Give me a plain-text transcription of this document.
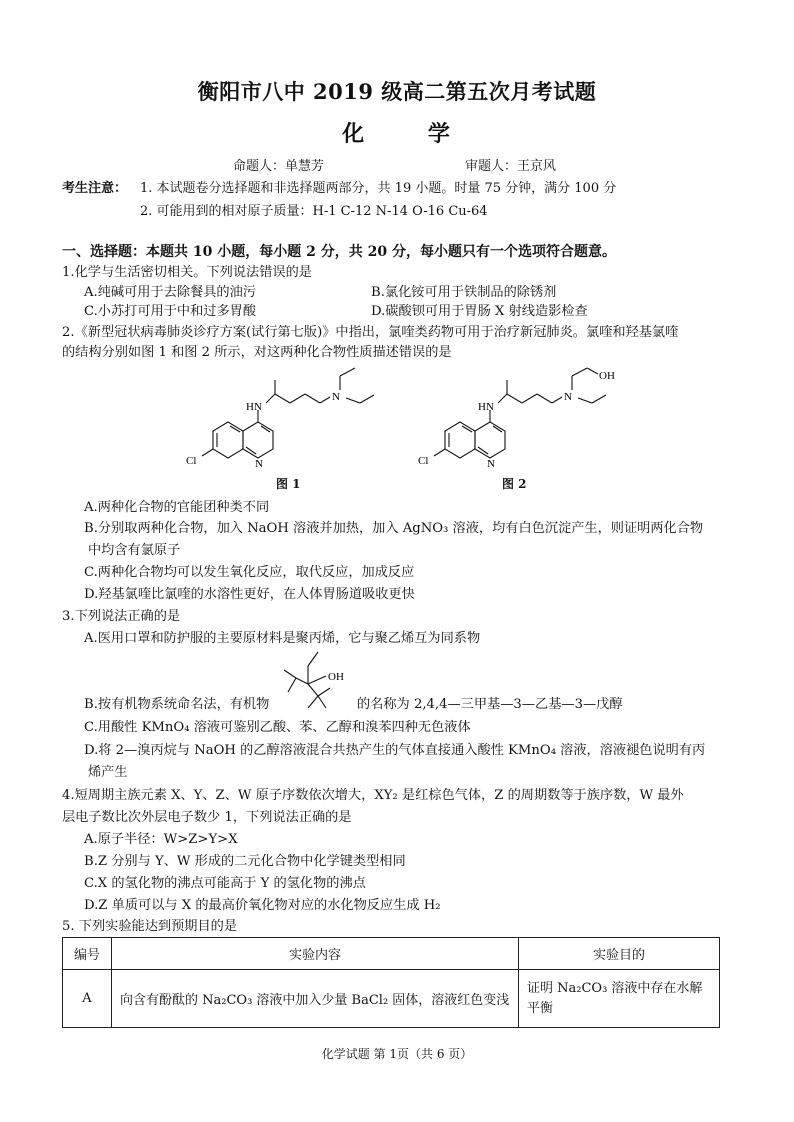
衡阳市八中 2019 级高二第五次月考试题
化 学
命题人：单慧芳	审题人：王京风
考生注意： 1. 本试题卷分选择题和非选择题两部分，共 19 小题。时量 75 分钟，满分 100 分
2. 可能用到的相对原子质量：H-1 C-12 N-14 O-16 Cu-64
一、选择题：本题共 10 小题，每小题 2 分，共 20 分，每小题只有一个选项符合题意。
1.化学与生活密切相关。下列说法错误的是
A.纯碱可用于去除餐具的油污	B.氯化铵可用于铁制品的除锈剂
C.小苏打可用于中和过多胃酸	D.碳酸钡可用于胃肠 X 射线造影检查
2.《新型冠状病毒肺炎诊疗方案(试行第七版)》中指出，氯喹类药物可用于治疗新冠肺炎。氯喹和羟基氯喹
的结构分别如图 1 和图 2 所示，对这两种化合物性质描述错误的是
HN
N
N
Cl
图 1
HN
N
OH
N
Cl
图 2
A.两种化合物的官能团种类不同
B.分别取两种化合物，加入 NaOH 溶液并加热，加入 AgNO₃ 溶液，均有白色沉淀产生，则证明两化合物
中均含有氯原子
C.两种化合物均可以发生氧化反应，取代反应，加成反应
D.羟基氯喹比氯喹的水溶性更好，在人体胃肠道吸收更快
3.下列说法正确的是
A.医用口罩和防护服的主要原材料是聚丙烯，它与聚乙烯互为同系物
OH
B.按有机物系统命名法，有机物	的名称为 2,4,4—三甲基—3—乙基—3—戊醇
C.用酸性 KMnO₄ 溶液可鉴别乙酸、苯、乙醇和溴苯四种无色液体
D.将 2—溴丙烷与 NaOH 的乙醇溶液混合共热产生的气体直接通入酸性 KMnO₄ 溶液，溶液褪色说明有丙
烯产生
4.短周期主族元素 X、Y、Z、W 原子序数依次增大，XY₂ 是红棕色气体，Z 的周期数等于族序数，W 最外
层电子数比次外层电子数少 1，下列说法正确的是
A.原子半径：W>Z>Y>X
B.Z 分别与 Y、W 形成的二元化合物中化学键类型相同
C.X 的氢化物的沸点可能高于 Y 的氢化物的沸点
D.Z 单质可以与 X 的最高价氧化物对应的水化物反应生成 H₂
5. 下列实验能达到预期目的是
编号	实验内容	实验目的
A	向含有酚酞的 Na₂CO₃ 溶液中加入少量 BaCl₂ 固体，溶液红色变浅	证明 Na₂CO₃ 溶液中存在水解
平衡
化学试题 第 1页（共 6 页）
